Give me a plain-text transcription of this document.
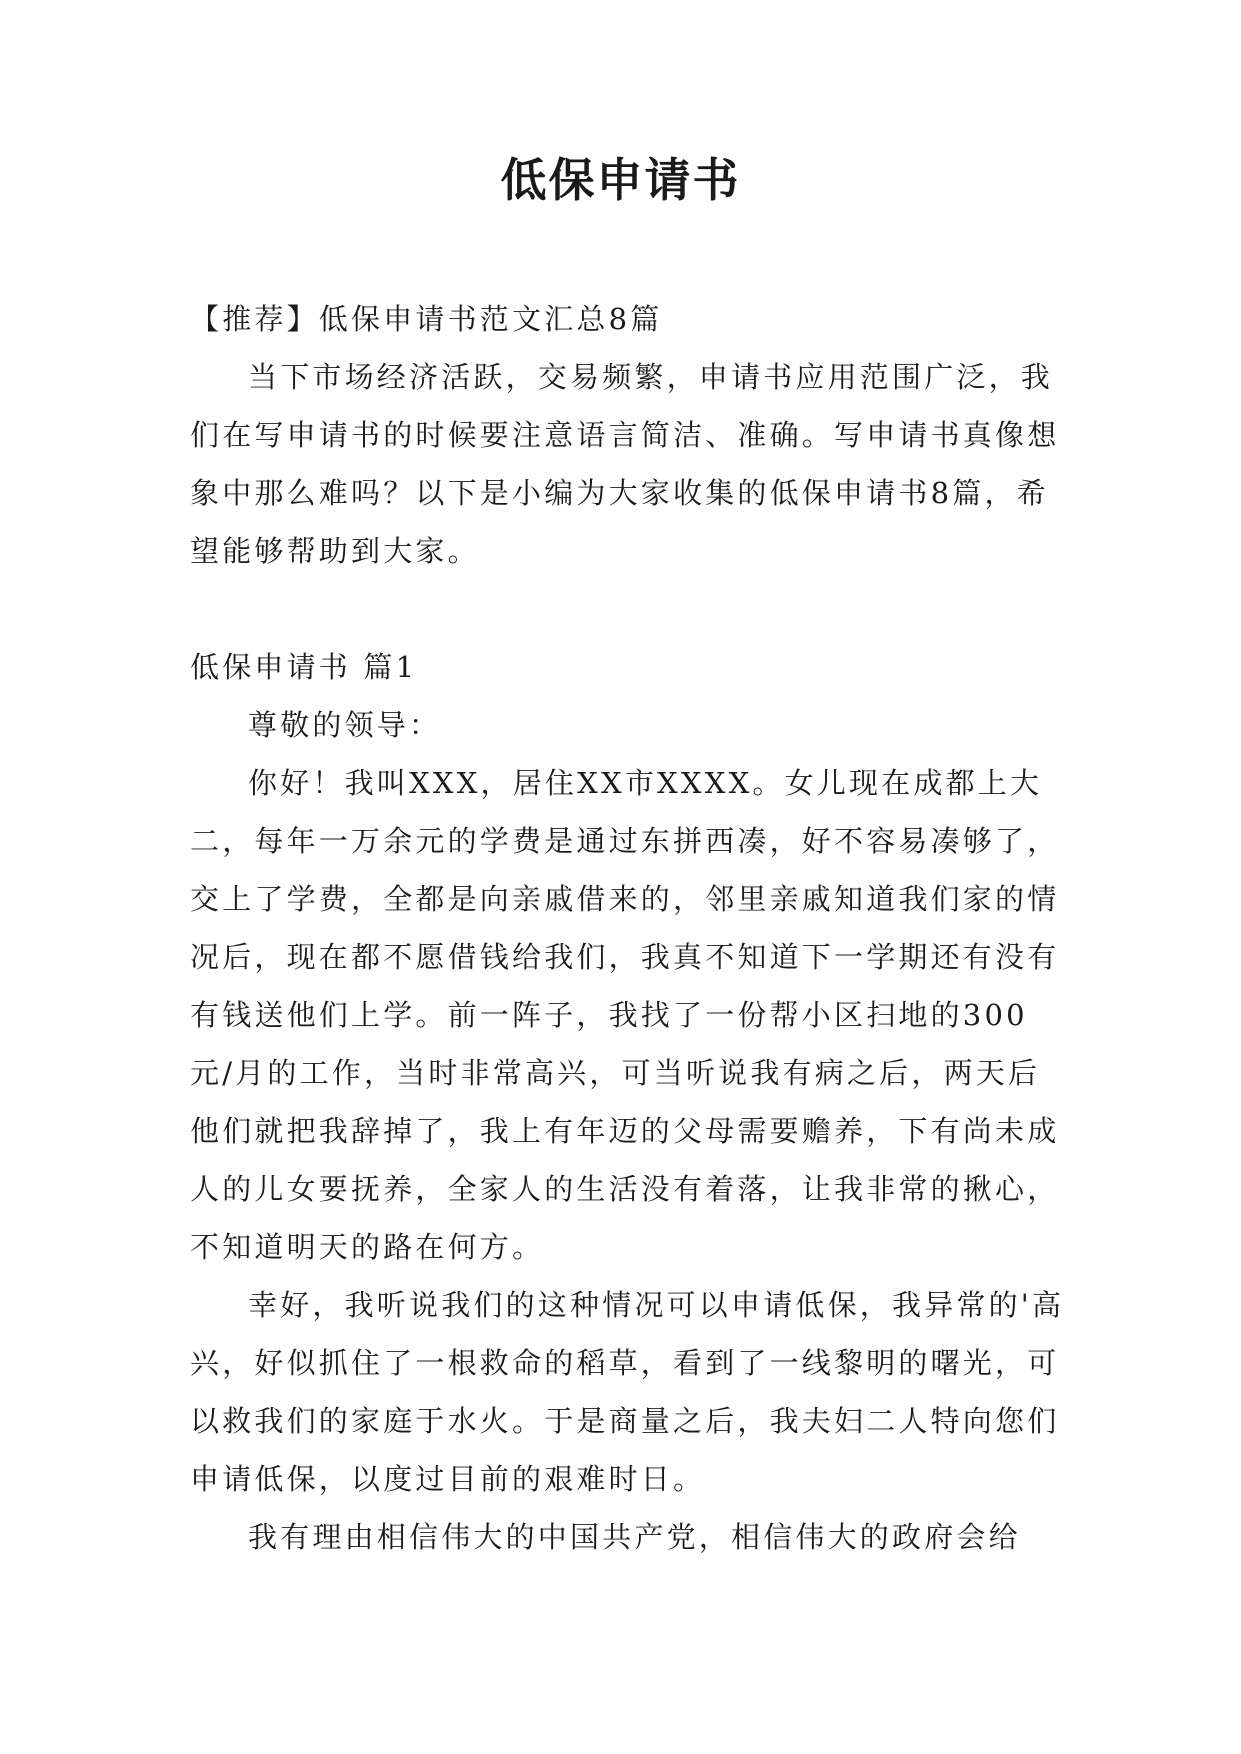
低保申请书

【推荐】低保申请书范文汇总8篇

当下市场经济活跃，交易频繁，申请书应用范围广泛，我们在写申请书的时候要注意语言简洁、准确。写申请书真像想象中那么难吗？以下是小编为大家收集的低保申请书8篇，希望能够帮助到大家。

低保申请书 篇1

尊敬的领导：

你好！我叫XXX，居住XX市XXXX。女儿现在成都上大二，每年一万余元的学费是通过东拼西凑，好不容易凑够了，交上了学费，全都是向亲戚借来的，邻里亲戚知道我们家的情况后，现在都不愿借钱给我们，我真不知道下一学期还有没有有钱送他们上学。前一阵子，我找了一份帮小区扫地的300元/月的工作，当时非常高兴，可当听说我有病之后，两天后他们就把我辞掉了，我上有年迈的父母需要赡养，下有尚未成人的儿女要抚养，全家人的生活没有着落，让我非常的揪心，不知道明天的路在何方。

幸好，我听说我们的这种情况可以申请低保，我异常的'高兴，好似抓住了一根救命的稻草，看到了一线黎明的曙光，可以救我们的家庭于水火。于是商量之后，我夫妇二人特向您们申请低保，以度过目前的艰难时日。

我有理由相信伟大的中国共产党，相信伟大的政府会给
